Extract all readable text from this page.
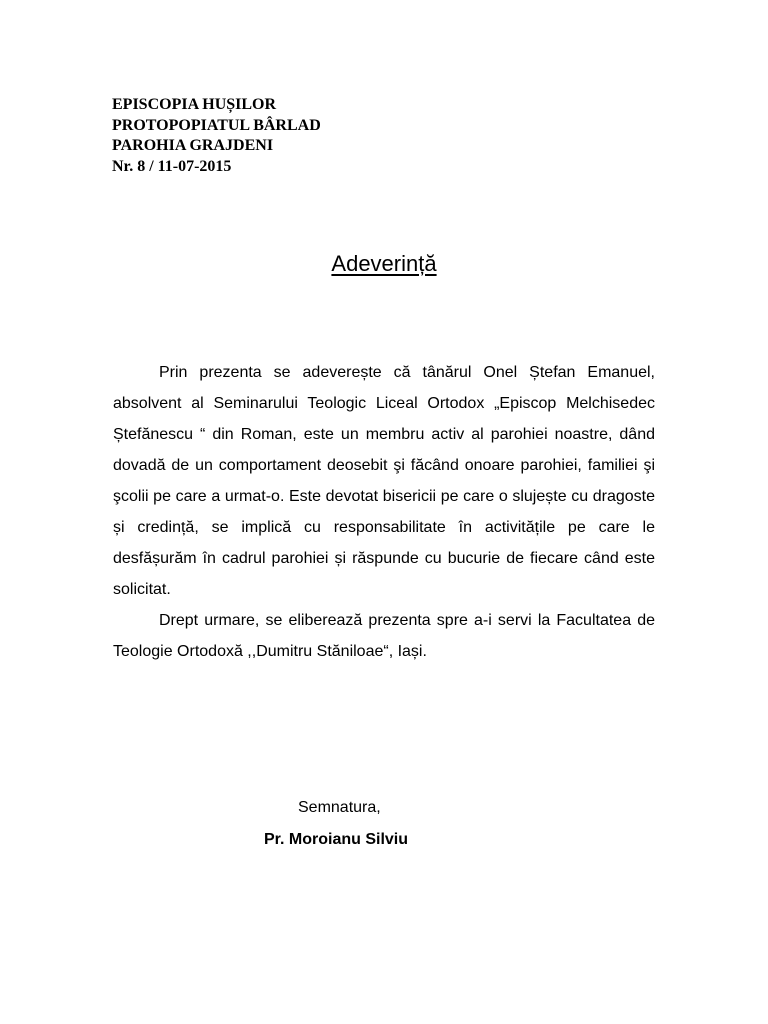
EPISCOPIA HUȘILOR
PROTOPOPIATUL BÂRLAD
PAROHIA GRAJDENI
Nr. 8 / 11-07-2015
Adeverință

Prin prezenta se adeverește că tânărul Onel Ștefan Emanuel, absolvent al Seminarului Teologic Liceal Ortodox „Episcop Melchisedec Ștefănescu “ din Roman, este un membru activ al parohiei noastre, dând dovadă de un comportament deosebit şi făcând onoare parohiei, familiei şi şcolii pe care a urmat-o. Este devotat bisericii pe care o slujește cu dragoste și credință, se implică cu responsabilitate în activitățile pe care le desfășurăm în cadrul parohiei și răspunde cu bucurie de fiecare când este solicitat.

Drept urmare, se eliberează prezenta spre a-i servi la Facultatea de Teologie Ortodoxă ,,Dumitru Stăniloae“, Iași.

Semnatura,
Pr. Moroianu Silviu
